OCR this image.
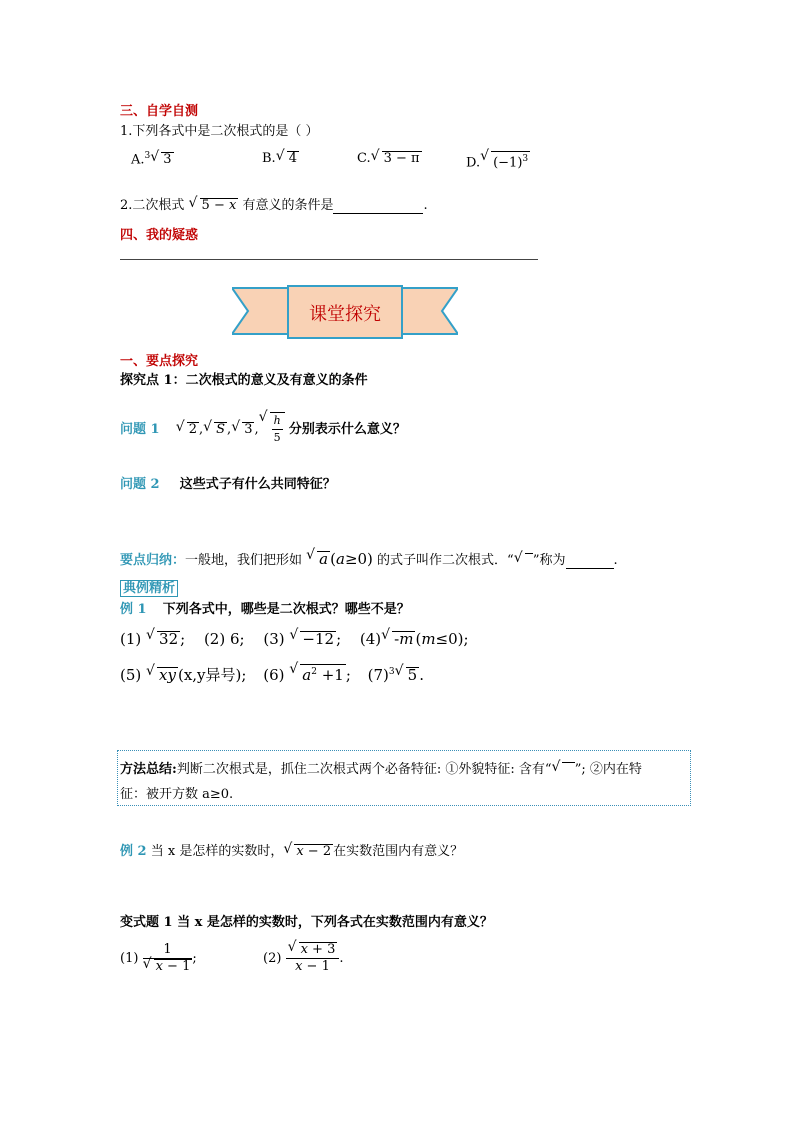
三、自学自测
1.下列各式中是二次根式的是（ ）
A.$^3$√ 3	B.√ 4	C.√ 3 − π	D.√ $(-1)^3$
2.二次根式 √ 5 − x 有意义的条件是	.
四、我的疑惑
课堂探究
一、要点探究
探究点 1：二次根式的意义及有意义的条件
问题 1 √ 2 ,√ S ,√ 3 ,
√ $\frac{h}{5}$ 分别表示什么意义？
问题 2 这些式子有什么共同特征？
要点归纳：一般地，我们把形如 √ a (a≥0) 的式子叫作二次根式．“√ ”称为	.
典例精析
例 1 下列各式中，哪些是二次根式？哪些不是？
(1) √ 32 ; (2) 6; (3) √ −12 ; (4)√ -m (m≤0);
(5) √ xy (x,y异号); (6) √ $a^2 +1$ ; $(7)^3√$ 5 .
方法总结:判断二次根式是，抓住二次根式两个必备特征: ①外貌特征: 含有“√ ”; ②内在特
征：被开方数 a≥0.
例 2 当 x 是怎样的实数时，√ x − 2 在实数范围内有意义？
变式题 1 当 x 是怎样的实数时，下列各式在实数范围内有意义？
(1) 1
√ x − 1 ;	(2)
√ $\frac{x + 3}{x - 1}$ .
